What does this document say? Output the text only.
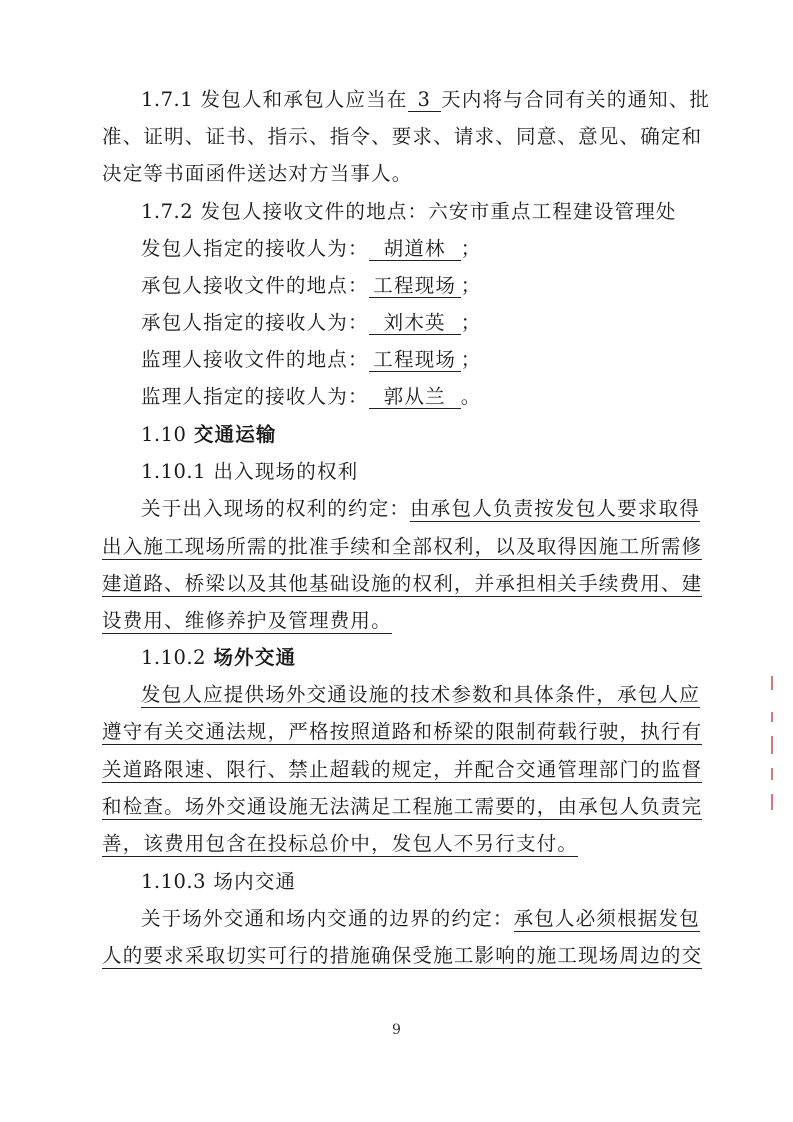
1.7.1 发包人和承包人应当在 3 天内将与合同有关的通知、批
准、证明、证书、指示、指令、要求、请求、同意、意见、确定和
决定等书面函件送达对方当事人。
1.7.2 发包人接收文件的地点：六安市重点工程建设管理处
发包人指定的接收人为： 胡道林 ；
承包人接收文件的地点： 工程现场 ；
承包人指定的接收人为： 刘木英 ；
监理人接收文件的地点： 工程现场 ；
监理人指定的接收人为： 郭从兰 。
1.10 交通运输
1.10.1 出入现场的权利
关于出入现场的权利的约定：由承包人负责按发包人要求取得
出入施工现场所需的批准手续和全部权利，以及取得因施工所需修
建道路、桥梁以及其他基础设施的权利，并承担相关手续费用、建
设费用、维修养护及管理费用。
1.10.2 场外交通
发包人应提供场外交通设施的技术参数和具体条件，承包人应
遵守有关交通法规，严格按照道路和桥梁的限制荷载行驶，执行有
关道路限速、限行、禁止超载的规定，并配合交通管理部门的监督
和检查。场外交通设施无法满足工程施工需要的，由承包人负责完
善，该费用包含在投标总价中，发包人不另行支付。
1.10.3 场内交通
关于场外交通和场内交通的边界的约定：承包人必须根据发包
人的要求采取切实可行的措施确保受施工影响的施工现场周边的交
9
